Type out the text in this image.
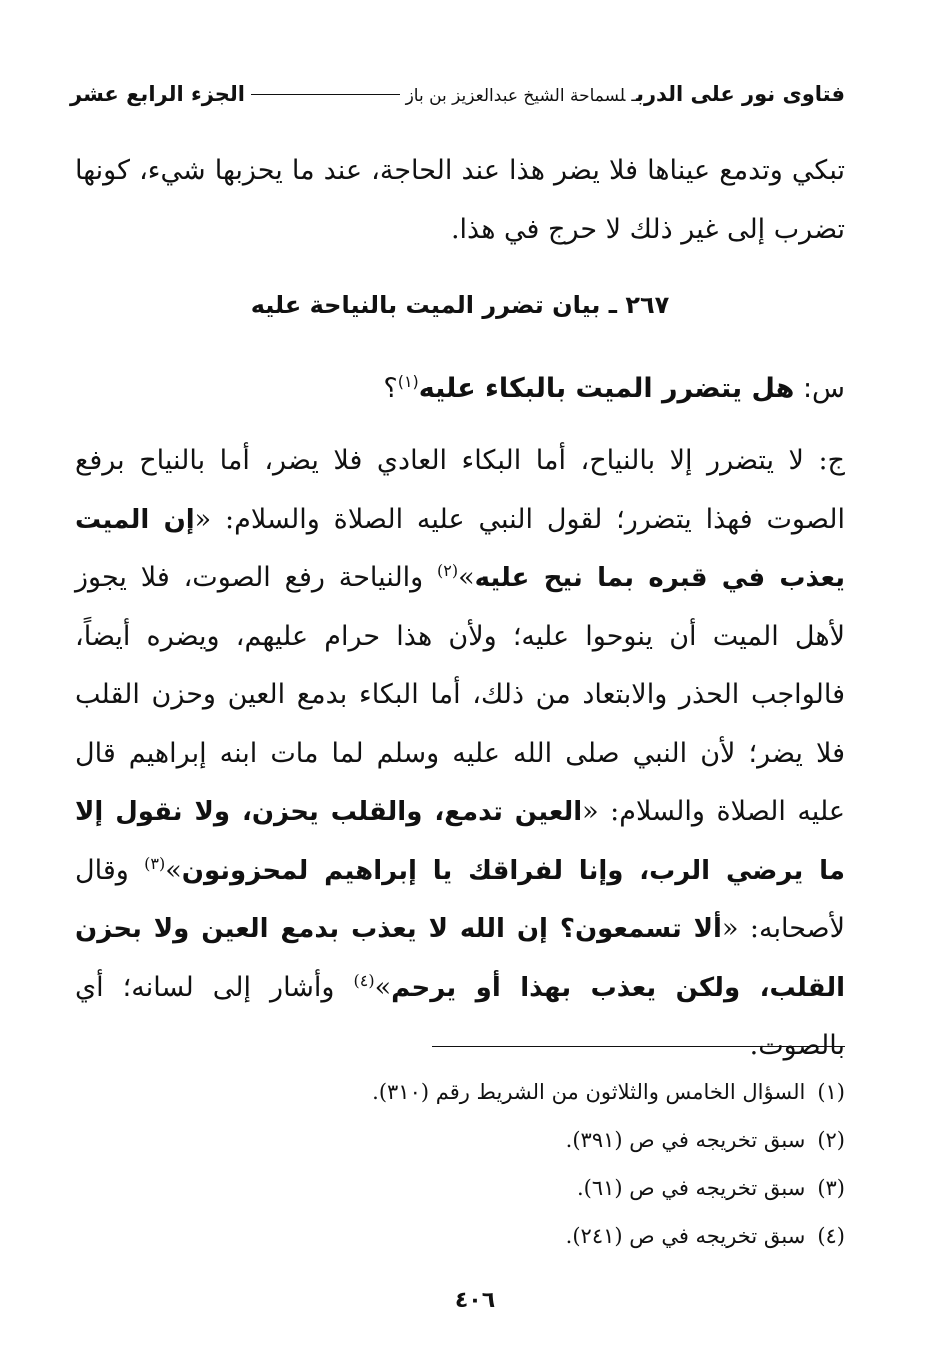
فتاوى نور على الدربـلسماحة الشيخ عبدالعزيز بن باز
الجزء الرابع عشر

تبكي وتدمع عيناها فلا يضر هذا عند الحاجة، عند ما يحزبها شيء، كونها تضرب إلى غير ذلك لا حرج في هذا.

٢٦٧ ـ بيان تضرر الميت بالنياحة عليه

س: هل يتضرر الميت بالبكاء عليه$^{(١)}$؟

ج: لا يتضرر إلا بالنياح، أما البكاء العادي فلا يضر، أما بالنياح برفع الصوت فهذا يتضرر؛ لقول النبي عليه الصلاة والسلام: «إن الميت يعذب في قبره بما نيح عليه»$^{(٢)}$ والنياحة رفع الصوت، فلا يجوز لأهل الميت أن ينوحوا عليه؛ ولأن هذا حرام عليهم، ويضره أيضاً، فالواجب الحذر والابتعاد من ذلك، أما البكاء بدمع العين وحزن القلب فلا يضر؛ لأن النبي صلى الله عليه وسلم لما مات ابنه إبراهيم قال عليه الصلاة والسلام: «العين تدمع، والقلب يحزن، ولا نقول إلا ما يرضي الرب، وإنا لفراقك يا إبراهيم لمحزونون»$^{(٣)}$ وقال لأصحابه: «ألا تسمعون؟ إن الله لا يعذب بدمع العين ولا بحزن القلب، ولكن يعذب بهذا أو يرحم»$^{(٤)}$ وأشار إلى لسانه؛ أي بالصوت.

(١)السؤال الخامس والثلاثون من الشريط رقم (٣١٠).
(٢)سبق تخريجه في ص (٣٩١).
(٣)سبق تخريجه في ص (٦١).
(٤)سبق تخريجه في ص (٢٤١).
٤٠٦
